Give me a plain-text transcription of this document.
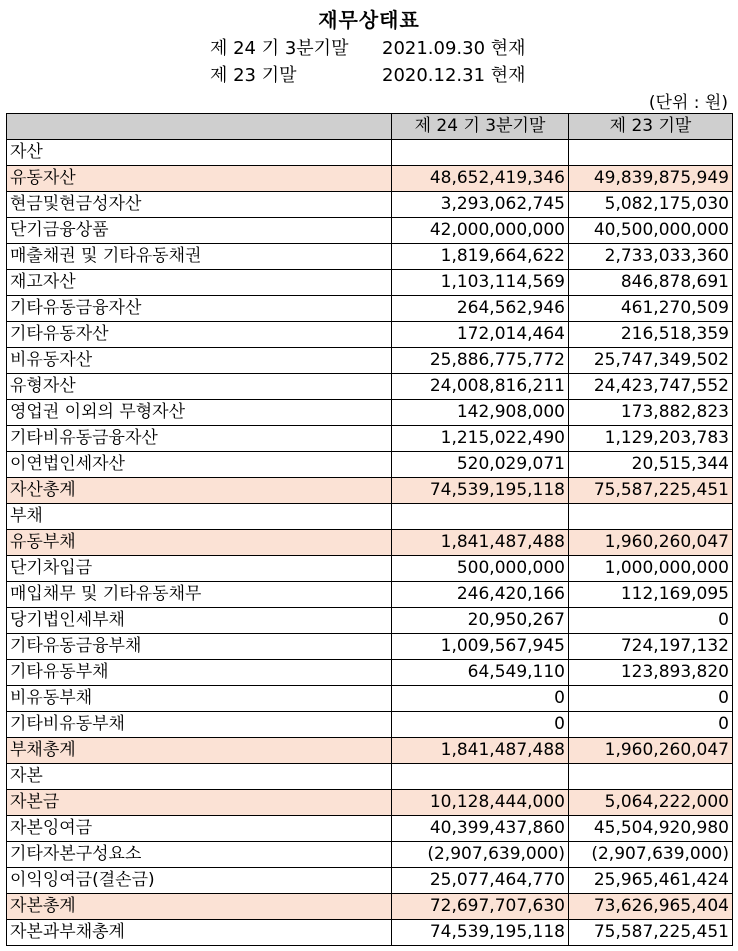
재무상태표
제 24 기 3분기말 2021.09.30 현재
제 23 기말	2020.12.31 현재
(단위 : 원)
	제 24 기 3분기말	제 23 기말
자산		
유동자산	48,652,419,346	49,839,875,949
현금및현금성자산	3,293,062,745	5,082,175,030
단기금융상품	42,000,000,000	40,500,000,000
매출채권 및 기타유동채권	1,819,664,622	2,733,033,360
재고자산	1,103,114,569	846,878,691
기타유동금융자산	264,562,946	461,270,509
기타유동자산	172,014,464	216,518,359
비유동자산	25,886,775,772	25,747,349,502
유형자산	24,008,816,211	24,423,747,552
영업권 이외의 무형자산	142,908,000	173,882,823
기타비유동금융자산	1,215,022,490	1,129,203,783
이연법인세자산	520,029,071	20,515,344
자산총계	74,539,195,118	75,587,225,451
부채		
유동부채	1,841,487,488	1,960,260,047
단기차입금	500,000,000	1,000,000,000
매입채무 및 기타유동채무	246,420,166	112,169,095
당기법인세부채	20,950,267	0
기타유동금융부채	1,009,567,945	724,197,132
기타유동부채	64,549,110	123,893,820
비유동부채	0	0
기타비유동부채	0	0
부채총계	1,841,487,488	1,960,260,047
자본		
자본금	10,128,444,000	5,064,222,000
자본잉여금	40,399,437,860	45,504,920,980
기타자본구성요소	(2,907,639,000)	(2,907,639,000)
이익잉여금(결손금)	25,077,464,770	25,965,461,424
자본총계	72,697,707,630	73,626,965,404
자본과부채총계	74,539,195,118	75,587,225,451
